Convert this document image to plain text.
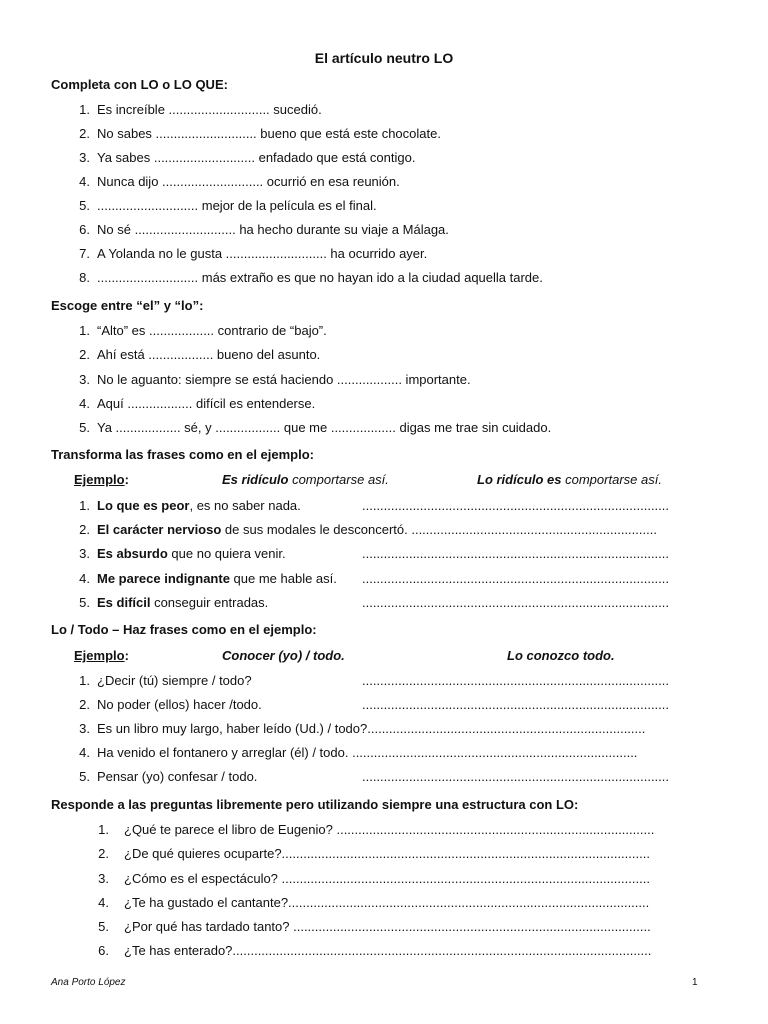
El artículo neutro LO
Completa con LO o LO QUE:
1. Es increíble ............................ sucedió.
2. No sabes ............................ bueno que está este chocolate.
3. Ya sabes ............................ enfadado que está contigo.
4. Nunca dijo ............................ ocurrió en esa reunión.
5. ............................ mejor de la película es el final.
6. No sé ............................ ha hecho durante su viaje a Málaga.
7. A Yolanda no le gusta ............................ ha ocurrido ayer.
8. ............................ más extraño es que no hayan ido a la ciudad aquella tarde.
Escoge entre “el” y “lo”:
1. “Alto” es .................. contrario de “bajo”.
2. Ahí está .................. bueno del asunto.
3. No le aguanto: siempre se está haciendo .................. importante.
4. Aquí .................. difícil es entenderse.
5. Ya .................. sé, y .................. que me .................. digas me trae sin cuidado.
Transforma las frases como en el ejemplo:
Ejemplo:	Es ridículo comportarse así.	Lo ridículo es comportarse así.
1. Lo que es peor, es no saber nada.	.....................................................................................
2. El carácter nervioso de sus modales le desconcertó. ....................................................................
3. Es absurdo que no quiera venir.	.....................................................................................
4. Me parece indignante que me hable así. .....................................................................................
5. Es difícil conseguir entradas.	.....................................................................................
Lo / Todo – Haz frases como en el ejemplo:
Ejemplo:	Conocer (yo) / todo.	Lo conozco todo.
1. ¿Decir (tú) siempre / todo?	.....................................................................................
2. No poder (ellos) hacer /todo.	.....................................................................................
3. Es un libro muy largo, haber leído (Ud.) / todo?.............................................................................
4. Ha venido el fontanero y arreglar (él) / todo. ...............................................................................
5. Pensar (yo) confesar / todo.	.....................................................................................
Responde a las preguntas libremente pero utilizando siempre una estructura con LO:
1. ¿Qué te parece el libro de Eugenio? ........................................................................................
2. ¿De qué quieres ocuparte?......................................................................................................
3. ¿Cómo es el espectáculo? ......................................................................................................
4. ¿Te ha gustado el cantante?....................................................................................................
5. ¿Por qué has tardado tanto? ...................................................................................................
6. ¿Te has enterado?....................................................................................................................
Ana Porto López	1
